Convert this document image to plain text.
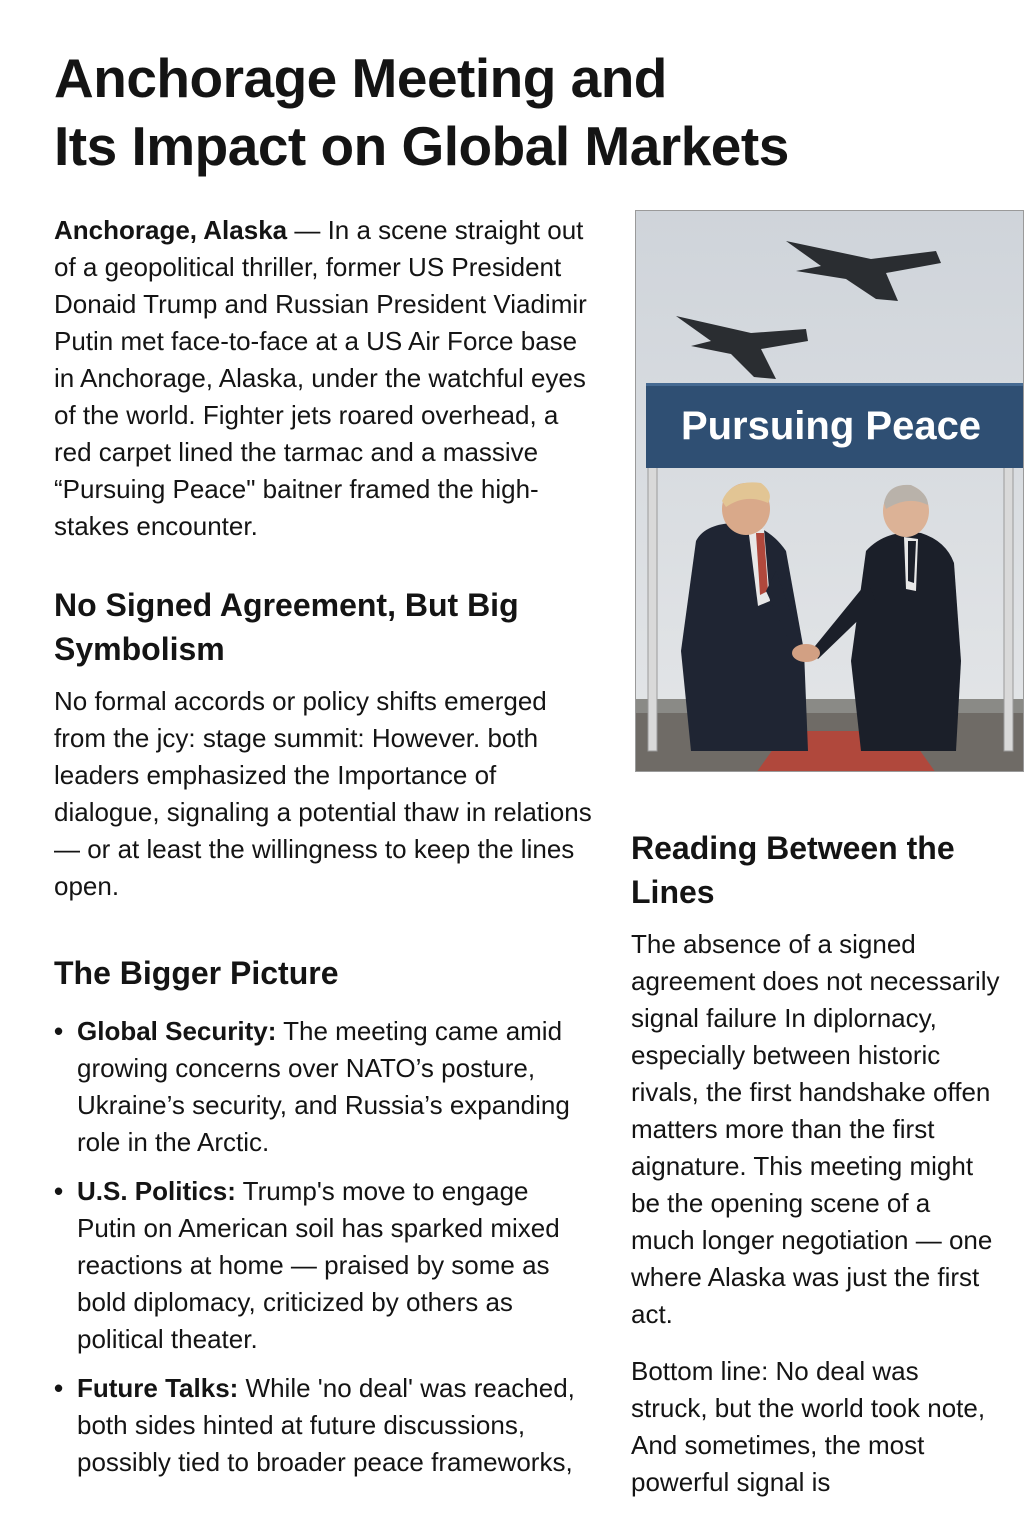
Anchorage Meeting and
Its Impact on Global Markets

Anchorage, Alaska — In a scene straight out of a geopolitical thriller, former US President Donaid Trump and Russian President Viadimir Putin met face-to-face at a US Air Force base in Anchorage, Alaska, under the watchful eyes of the world. Fighter jets roared overhead, a red carpet lined the tarmac and a massive “Pursuing Peace" baitner framed the high-stakes encounter.

No Signed Agreement, But Big Symbolism

No formal accords or policy shifts emerged from the jcy: stage summit: However. both leaders emphasized the Importance of dialogue, signaling a potential thaw in relations — or at least the willingness to keep the lines open.

The Bigger Picture
• Global Security: The meeting came amid growing concerns over NATO’s posture, Ukraine’s security, and Russia’s expanding role in the Arctic.
• U.S. Politics: Trump's move to engage Putin on American soil has sparked mixed reactions at home — praised by some as bold diplomacy, criticized by others as political theater.
• Future Talks: While 'no deal' was reached, both sides hinted at future discussions, possibly tied to broader peace frameworks,
Pursuing Peace
Reading Between the Lines

The absence of a signed agreement does not necessarily signal failure In diplornacy, especially between historic rivals, the first handshake offen matters more than the first aignature. This meeting might be the opening scene of a much longer negotiation — one where Alaska was just the first act.

Bottom line: No deal was struck, but the world took note, And sometimes, the most powerful signal is
